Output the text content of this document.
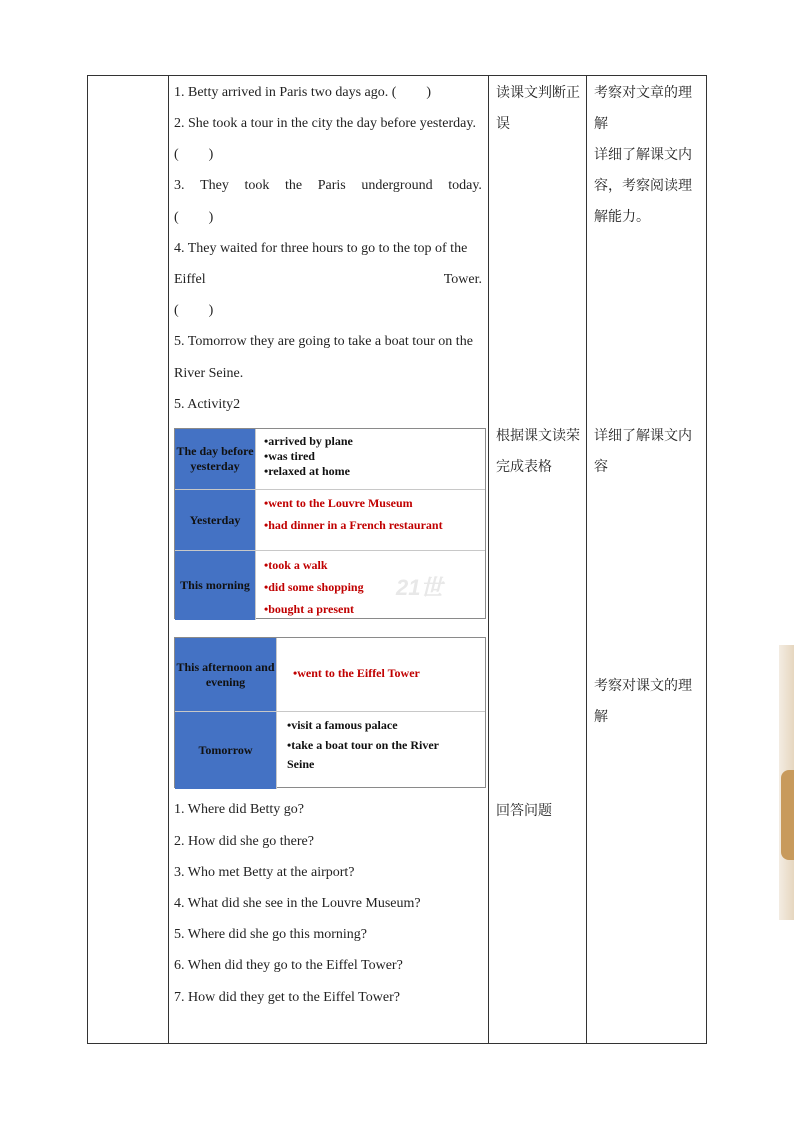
1. Betty arrived in Paris two days ago. ( )
2. She took a tour in the city the day before yesterday.
( )
3. They took the Paris underground today.
( )
4. They waited for three hours to go to the top of the
Eiffel	Tower.
( )
5. Tomorrow they are going to take a boat tour on the
River Seine.
5. Activity2
The day before yesterday
•arrived by plane
•was tired
•relaxed at home
Yesterday
•went to the Louvre Museum
•had dinner in a French restaurant
This morning	21世
•took a walk
•did some shopping
•bought a present
This afternoon and evening
•went to the Eiffel Tower
Tomorrow
•visit a famous palace
•take a boat tour on the River
Seine
1. Where did Betty go?
2. How did she go there?
3. Who met Betty at the airport?
4. What did she see in the Louvre Museum?
5. Where did she go this morning?
6. When did they go to the Eiffel Tower?
7. How did they get to the Eiffel Tower?
读课文判断正
误
根据课文读荣
完成表格
回答问题
考察对文章的理
解
详细了解课文内
容，考察阅读理
解能力。
详细了解课文内
容
考察对课文的理
解
